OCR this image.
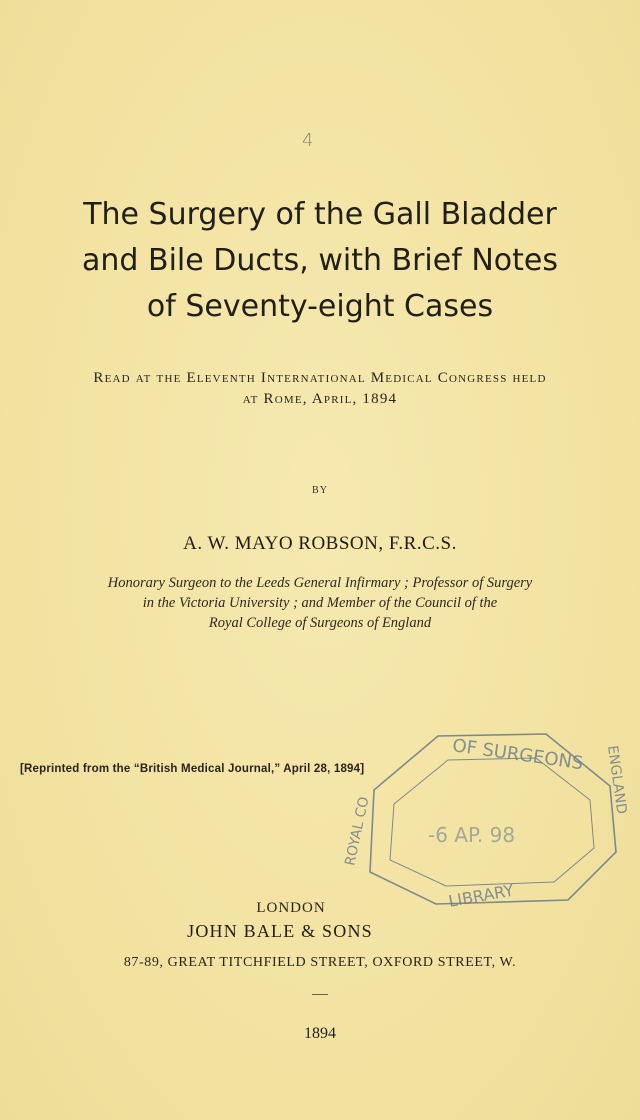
4
The Surgery of the Gall Bladder
and Bile Ducts, with Brief Notes
of Seventy-eight Cases
Read at the Eleventh International Medical Congress held
at Rome, April, 1894
BY
A. W. MAYO ROBSON, F.R.C.S.
Honorary Surgeon to the Leeds General Infirmary ; Professor of Surgery
in the Victoria University ; and Member of the Council of the
Royal College of Surgeons of England
[Reprinted from the “British Medical Journal,” April 28, 1894]	OF SURGEONS
ROYAL CO
ENGLAND
LIBRARY
-6 AP. 98
LONDON
JOHN BALE & SONS
87-89, GREAT TITCHFIELD STREET, OXFORD STREET, W.
1894
